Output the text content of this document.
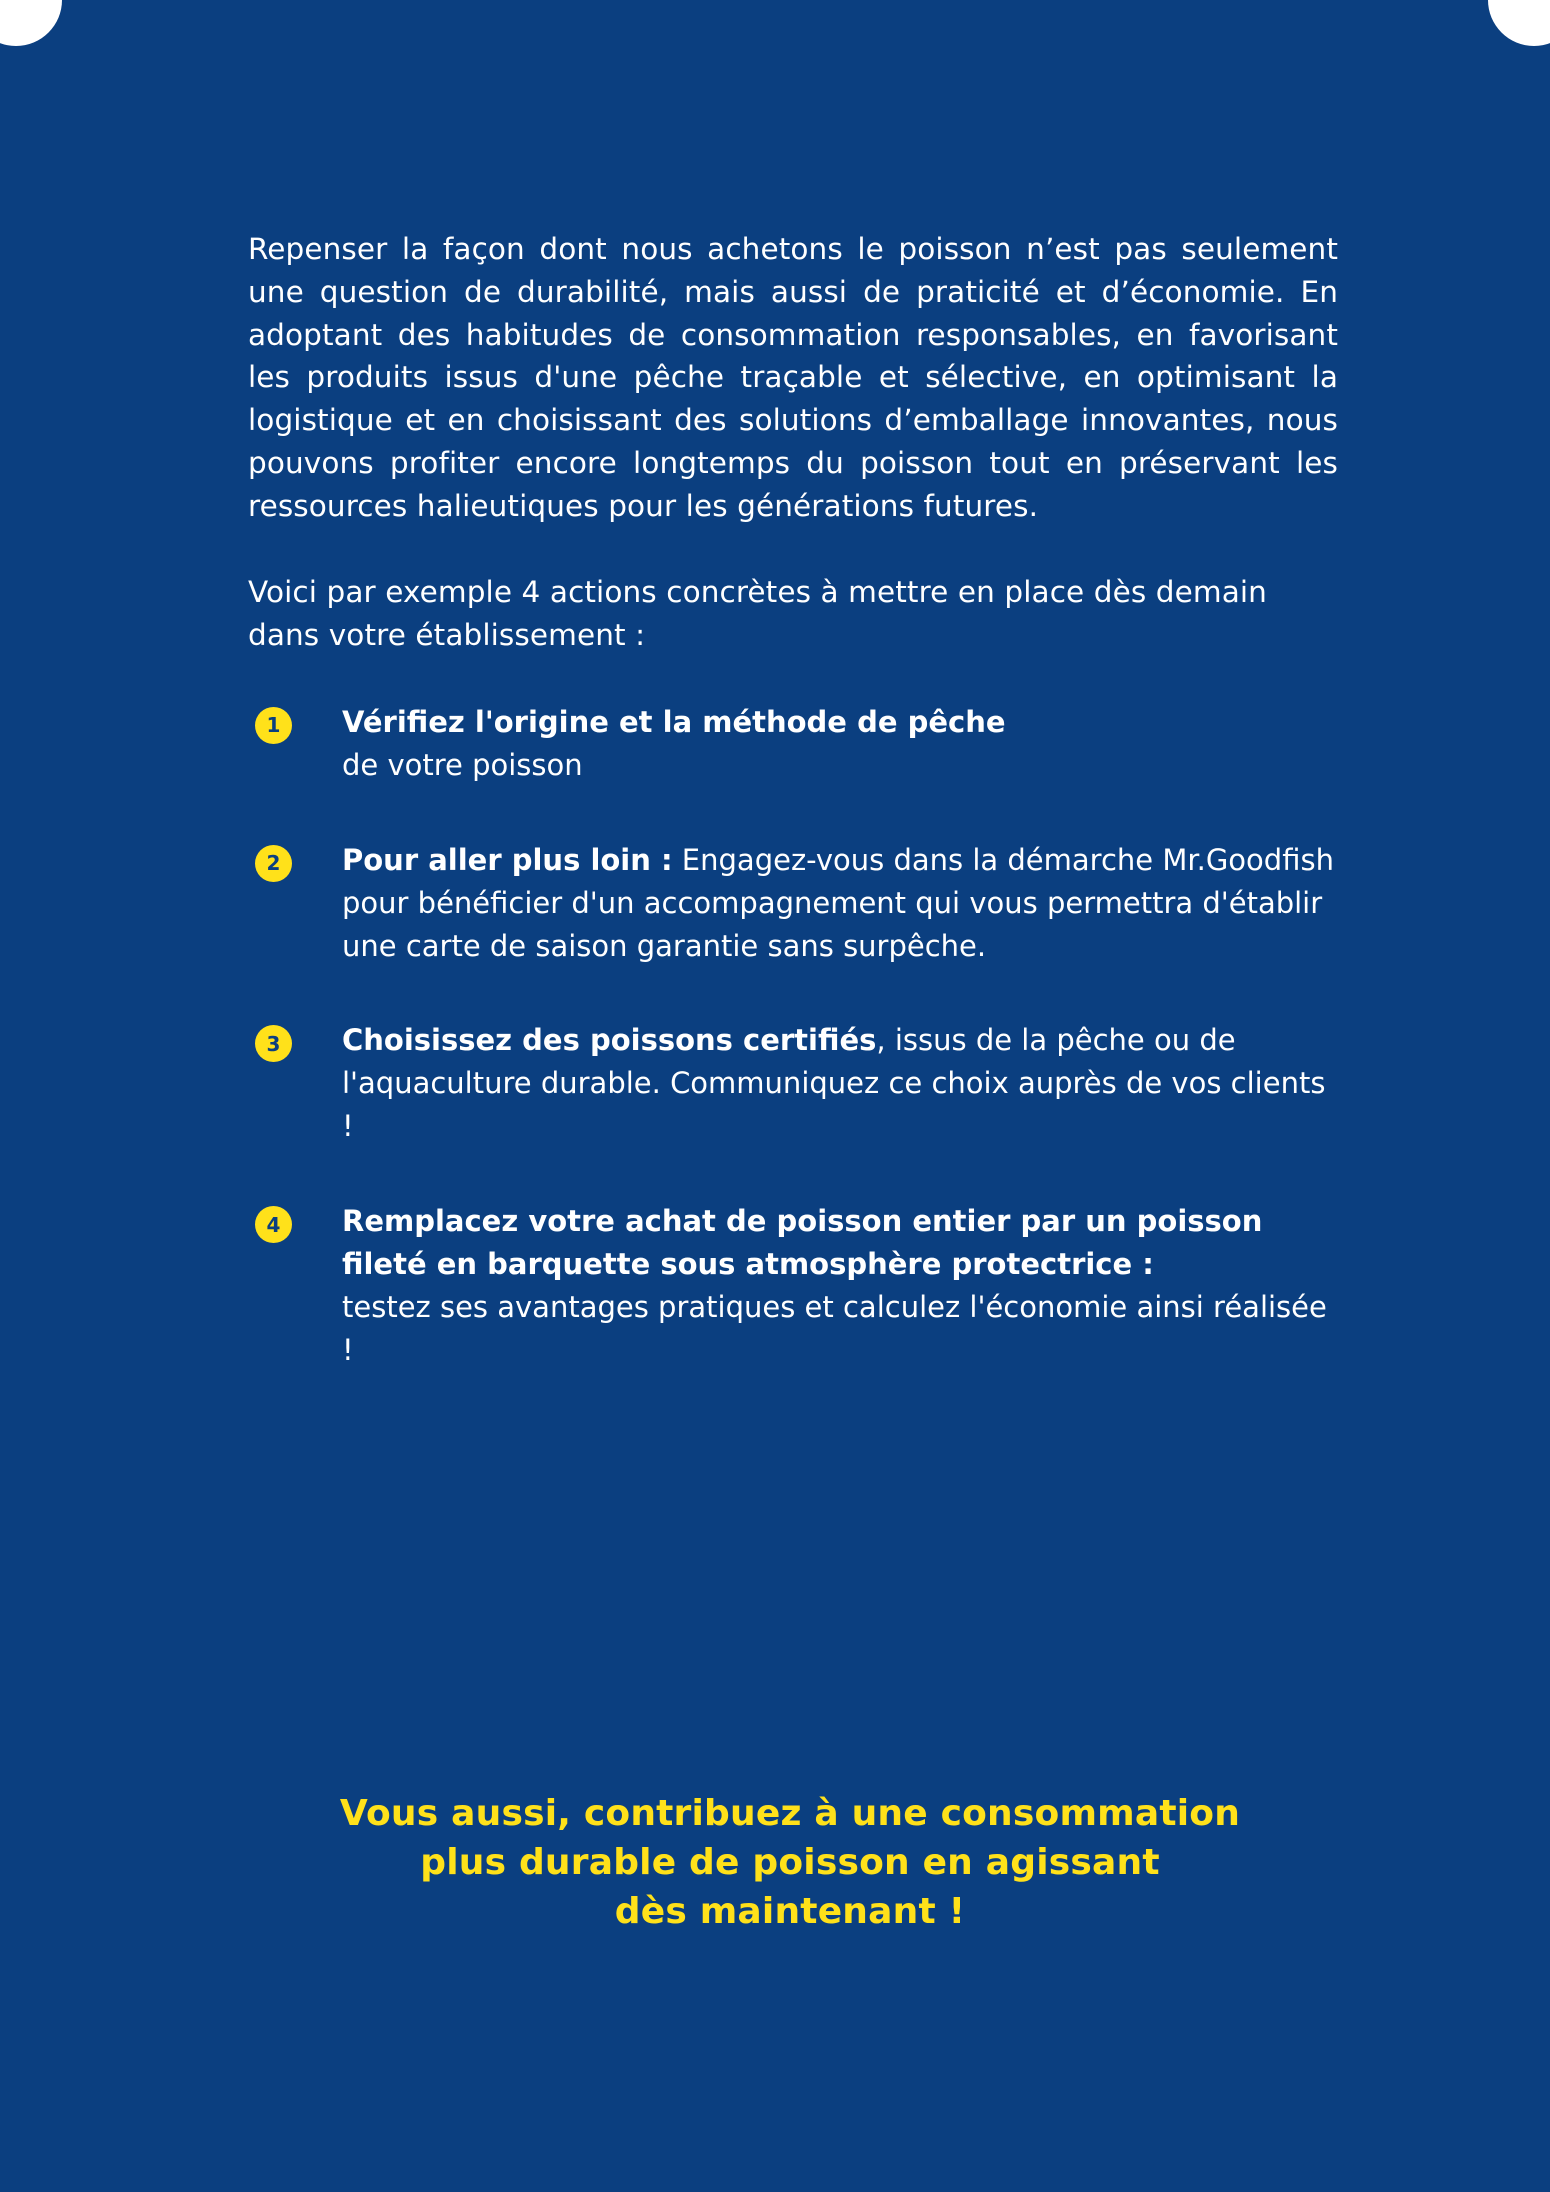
Repenser la façon dont nous achetons le poisson n’est pas seulement une question de durabilité, mais aussi de praticité et d’économie. En adoptant des habitudes de consommation responsables, en favorisant les produits issus d'une pêche traçable et sélective, en optimisant la logistique et en choisissant des solutions d’emballage innovantes, nous pouvons profiter encore longtemps du poisson tout en préservant les ressources halieutiques pour les générations futures.

Voici par exemple 4 actions concrètes à mettre en place dès demain dans votre établissement :

1	Vérifiez l'origine et la méthode de pêche
de votre poisson
2	Pour aller plus loin : Engagez-vous dans la démarche Mr.Goodfish pour bénéficier d'un accompagnement qui vous permettra d'établir une carte de saison garantie sans surpêche.
3	Choisissez des poissons certifiés, issus de la pêche ou de l'aquaculture durable. Communiquez ce choix auprès de vos clients !
4	Remplacez votre achat de poisson entier par un poisson fileté en barquette sous atmosphère protectrice :
testez ses avantages pratiques et calculez l'économie ainsi réalisée !
Vous aussi, contribuez à une consommation
plus durable de poisson en agissant
dès maintenant !
